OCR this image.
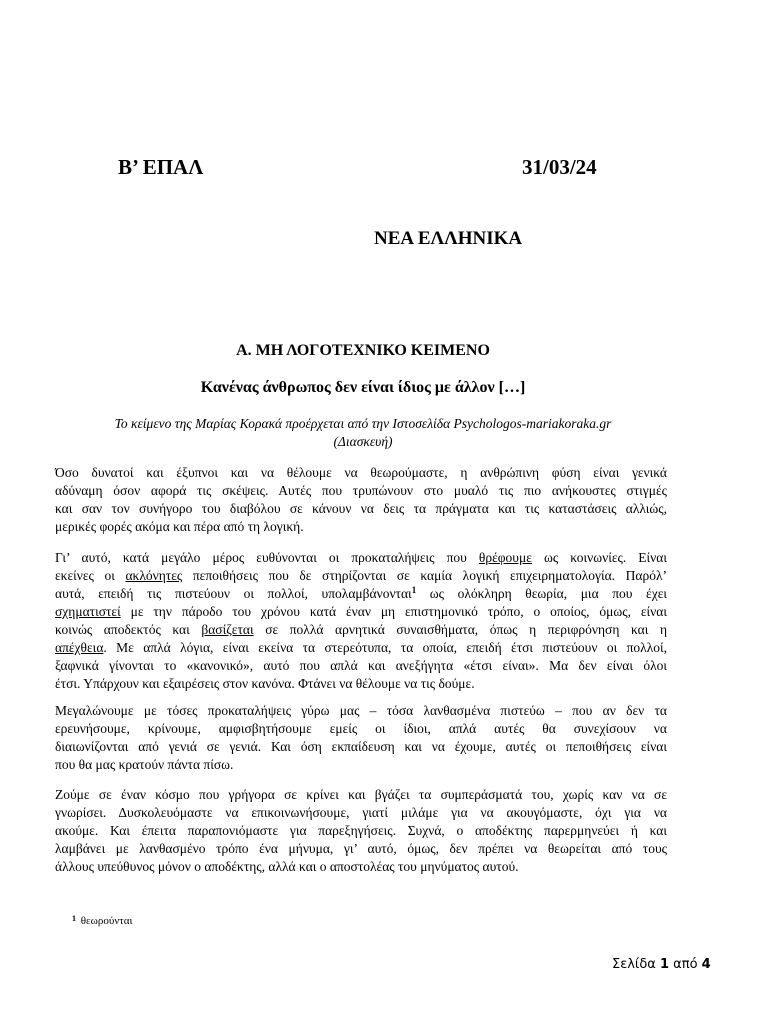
Β’ ΕΠΑΛ	31/03/24
ΝΕΑ ΕΛΛΗΝΙΚΑ
Α. ΜΗ ΛΟΓΟΤΕΧΝΙΚΟ ΚΕΙΜΕΝΟ
Κανένας άνθρωπος δεν είναι ίδιος με άλλον […]
Το κείμενο της Μαρίας Κορακά προέρχεται από την Ιστοσελίδα Psychologos-mariakoraka.gr
(Διασκευή)
Όσο δυνατοί και έξυπνοι και να θέλουμε να θεωρούμαστε, η ανθρώπινη φύση είναι γενικά
αδύναμη όσον αφορά τις σκέψεις. Αυτές που τρυπώνουν στο μυαλό τις πιο ανήκουστες στιγμές
και σαν τον συνήγορο του διαβόλου σε κάνουν να δεις τα πράγματα και τις καταστάσεις αλλιώς,
μερικές φορές ακόμα και πέρα από τη λογική.
Γι’ αυτό, κατά μεγάλο μέρος ευθύνονται οι προκαταλήψεις που θρέφουμε ως κοινωνίες. Είναι
εκείνες οι ακλόνητες πεποιθήσεις που δε στηρίζονται σε καμία λογική επιχειρηματολογία. Παρόλ’
αυτά, επειδή τις πιστεύουν οι πολλοί, υπολαμβάνονται$^1$ ως ολόκληρη θεωρία, μια που έχει
σχηματιστεί με την πάροδο του χρόνου κατά έναν μη επιστημονικό τρόπο, ο οποίος, όμως, είναι
κοινώς αποδεκτός και βασίζεται σε πολλά αρνητικά συναισθήματα, όπως η περιφρόνηση και η
απέχθεια. Με απλά λόγια, είναι εκείνα τα στερεότυπα, τα οποία, επειδή έτσι πιστεύουν οι πολλοί,
ξαφνικά γίνονται το «κανονικό», αυτό που απλά και ανεξήγητα «έτσι είναι». Μα δεν είναι όλοι
έτσι. Υπάρχουν και εξαιρέσεις στον κανόνα. Φτάνει να θέλουμε να τις δούμε.
Μεγαλώνουμε με τόσες προκαταλήψεις γύρω μας – τόσα λανθασμένα πιστεύω – που αν δεν τα
ερευνήσουμε, κρίνουμε, αμφισβητήσουμε εμείς οι ίδιοι, απλά αυτές θα συνεχίσουν να
διαιωνίζονται από γενιά σε γενιά. Και όση εκπαίδευση και να έχουμε, αυτές οι πεποιθήσεις είναι
που θα μας κρατούν πάντα πίσω.
Ζούμε σε έναν κόσμο που γρήγορα σε κρίνει και βγάζει τα συμπεράσματά του, χωρίς καν να σε
γνωρίσει. Δυσκολευόμαστε να επικοινωνήσουμε, γιατί μιλάμε για να ακουγόμαστε, όχι για να
ακούμε. Και έπειτα παραπονιόμαστε για παρεξηγήσεις. Συχνά, ο αποδέκτης παρερμηνεύει ή και
λαμβάνει με λανθασμένο τρόπο ένα μήνυμα, γι’ αυτό, όμως, δεν πρέπει να θεωρείται από τους
άλλους υπεύθυνος μόνον ο αποδέκτης, αλλά και ο αποστολέας του μηνύματος αυτού.
$^1$ θεωρούνται
Σελίδα 1 από 4
